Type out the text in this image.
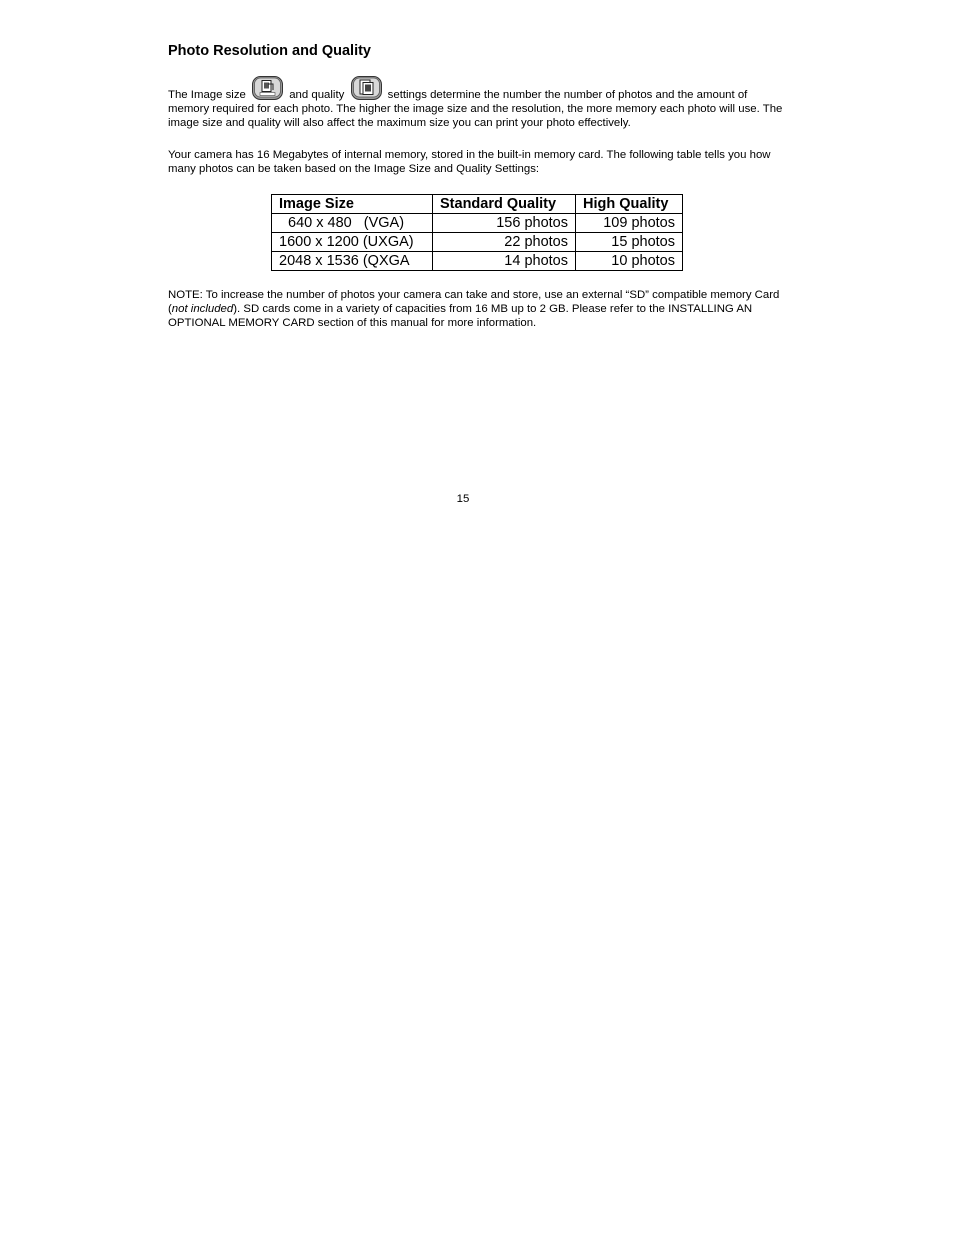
Photo Resolution and Quality

The Image size	and quality	settings determine the number the number of photos and the amount of memory required for each photo. The higher the image size and the resolution, the more memory each photo will use. The image size and quality will also affect the maximum size you can print your photo effectively.

Your camera has 16 Megabytes of internal memory, stored in the built-in memory card. The following table tells you how many photos can be taken based on the Image Size and Quality Settings:

Image Size	Standard Quality	High Quality
640 x 480   (VGA)	156 photos	109 photos
1600 x 1200 (UXGA)	22 photos	15 photos
2048 x 1536 (QXGA	14 photos	10 photos

NOTE: To increase the number of photos your camera can take and store, use an external “SD” compatible memory Card (not included). SD cards come in a variety of capacities from 16 MB up to 2 GB. Please refer to the INSTALLING AN OPTIONAL MEMORY CARD section of this manual for more information.

15
